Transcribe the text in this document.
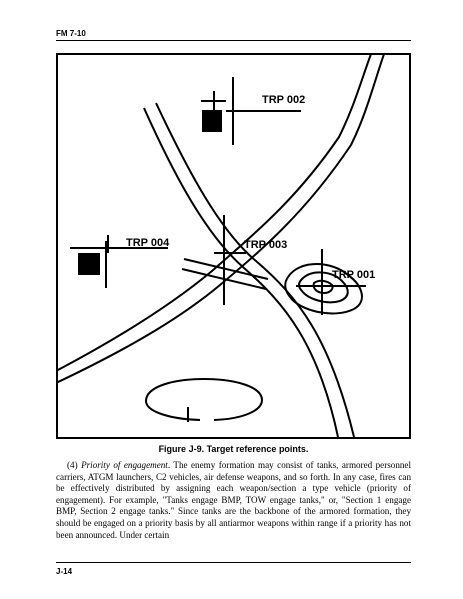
FM 7-10
TRP 002
TRP 004	TRP 003
TRP 001
Figure J-9. Target reference points.
(4) Priority of engagement. The enemy formation may consist of tanks, armored personnel carriers, ATGM launchers, C2 vehicles, air defense weapons, and so forth. In any case, fires can be effectively distributed by assigning each weapon/section a type vehicle (priority of engagement). For example, "Tanks engage BMP, TOW engage tanks," or, "Section 1 engage BMP, Section 2 engage tanks." Since tanks are the backbone of the armored formation, they should be engaged on a priority basis by all antiarmor weapons within range if a priority has not been announced. Under certain
J-14
